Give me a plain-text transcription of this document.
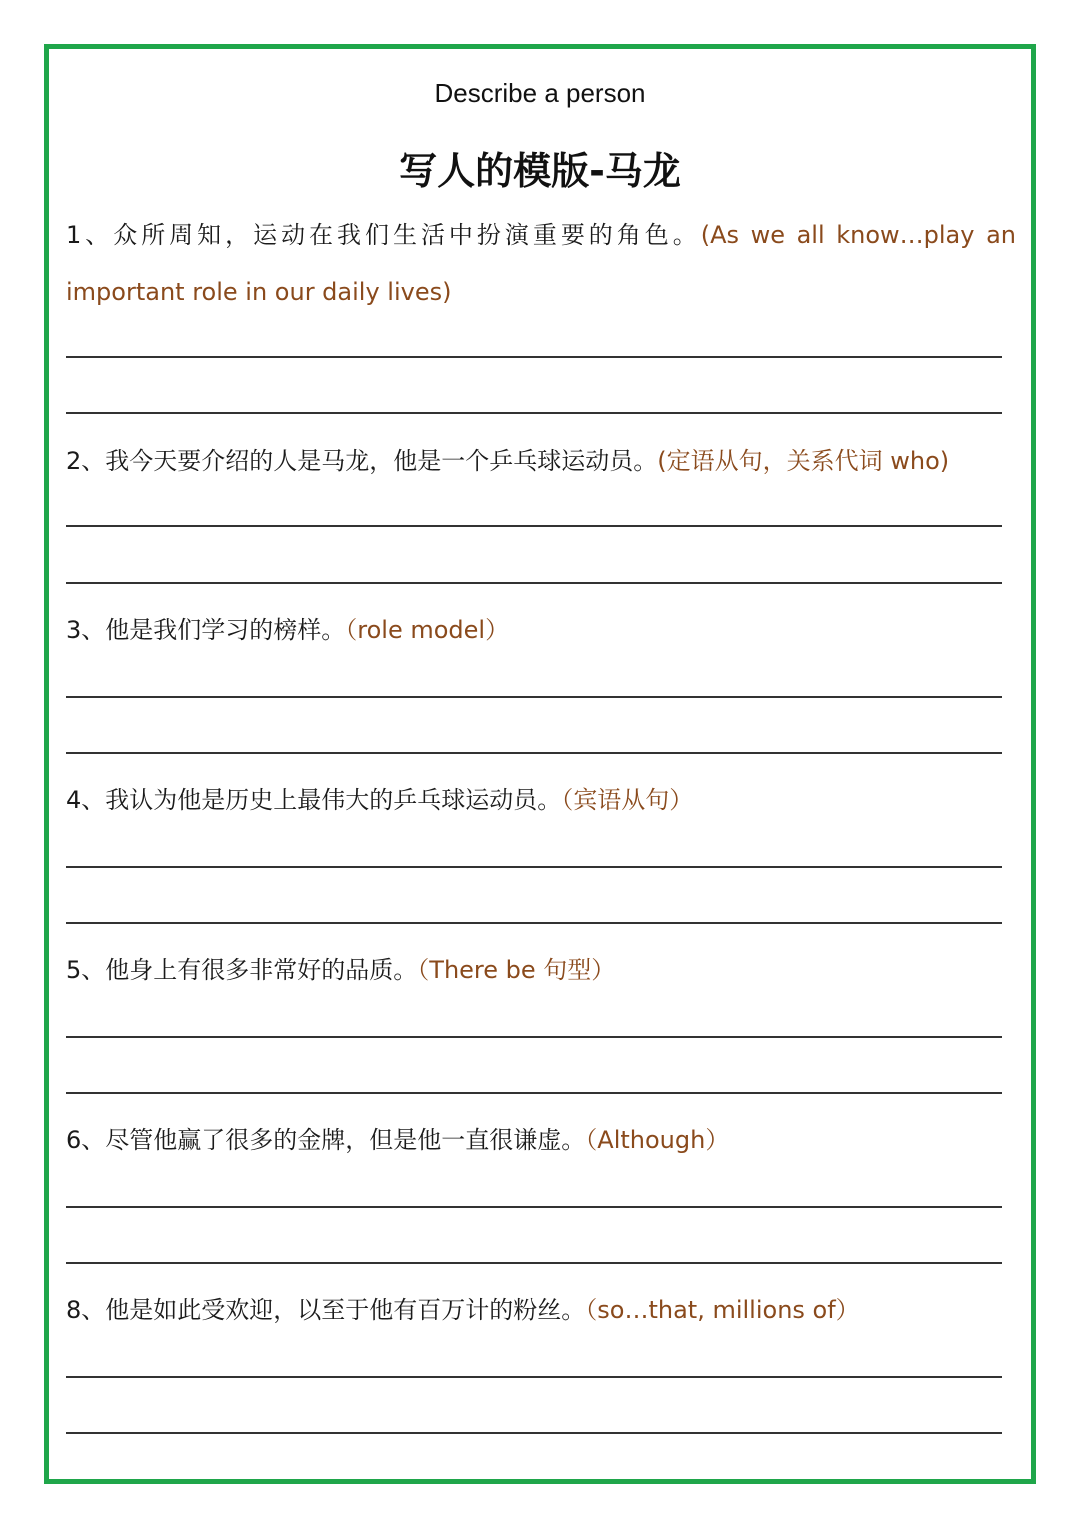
Describe a person
写人的模版-马龙
1、众所周知，运动在我们生活中扮演重要的角色。(As we all know…play an important role in our daily lives)
2、我今天要介绍的人是马龙，他是一个乒乓球运动员。(定语从句，关系代词 who)
3、他是我们学习的榜样。（role model）
4、我认为他是历史上最伟大的乒乓球运动员。（宾语从句）
5、他身上有很多非常好的品质。（There be 句型）
6、尽管他赢了很多的金牌，但是他一直很谦虚。（Although）
8、他是如此受欢迎，以至于他有百万计的粉丝。（so…that, millions of）
